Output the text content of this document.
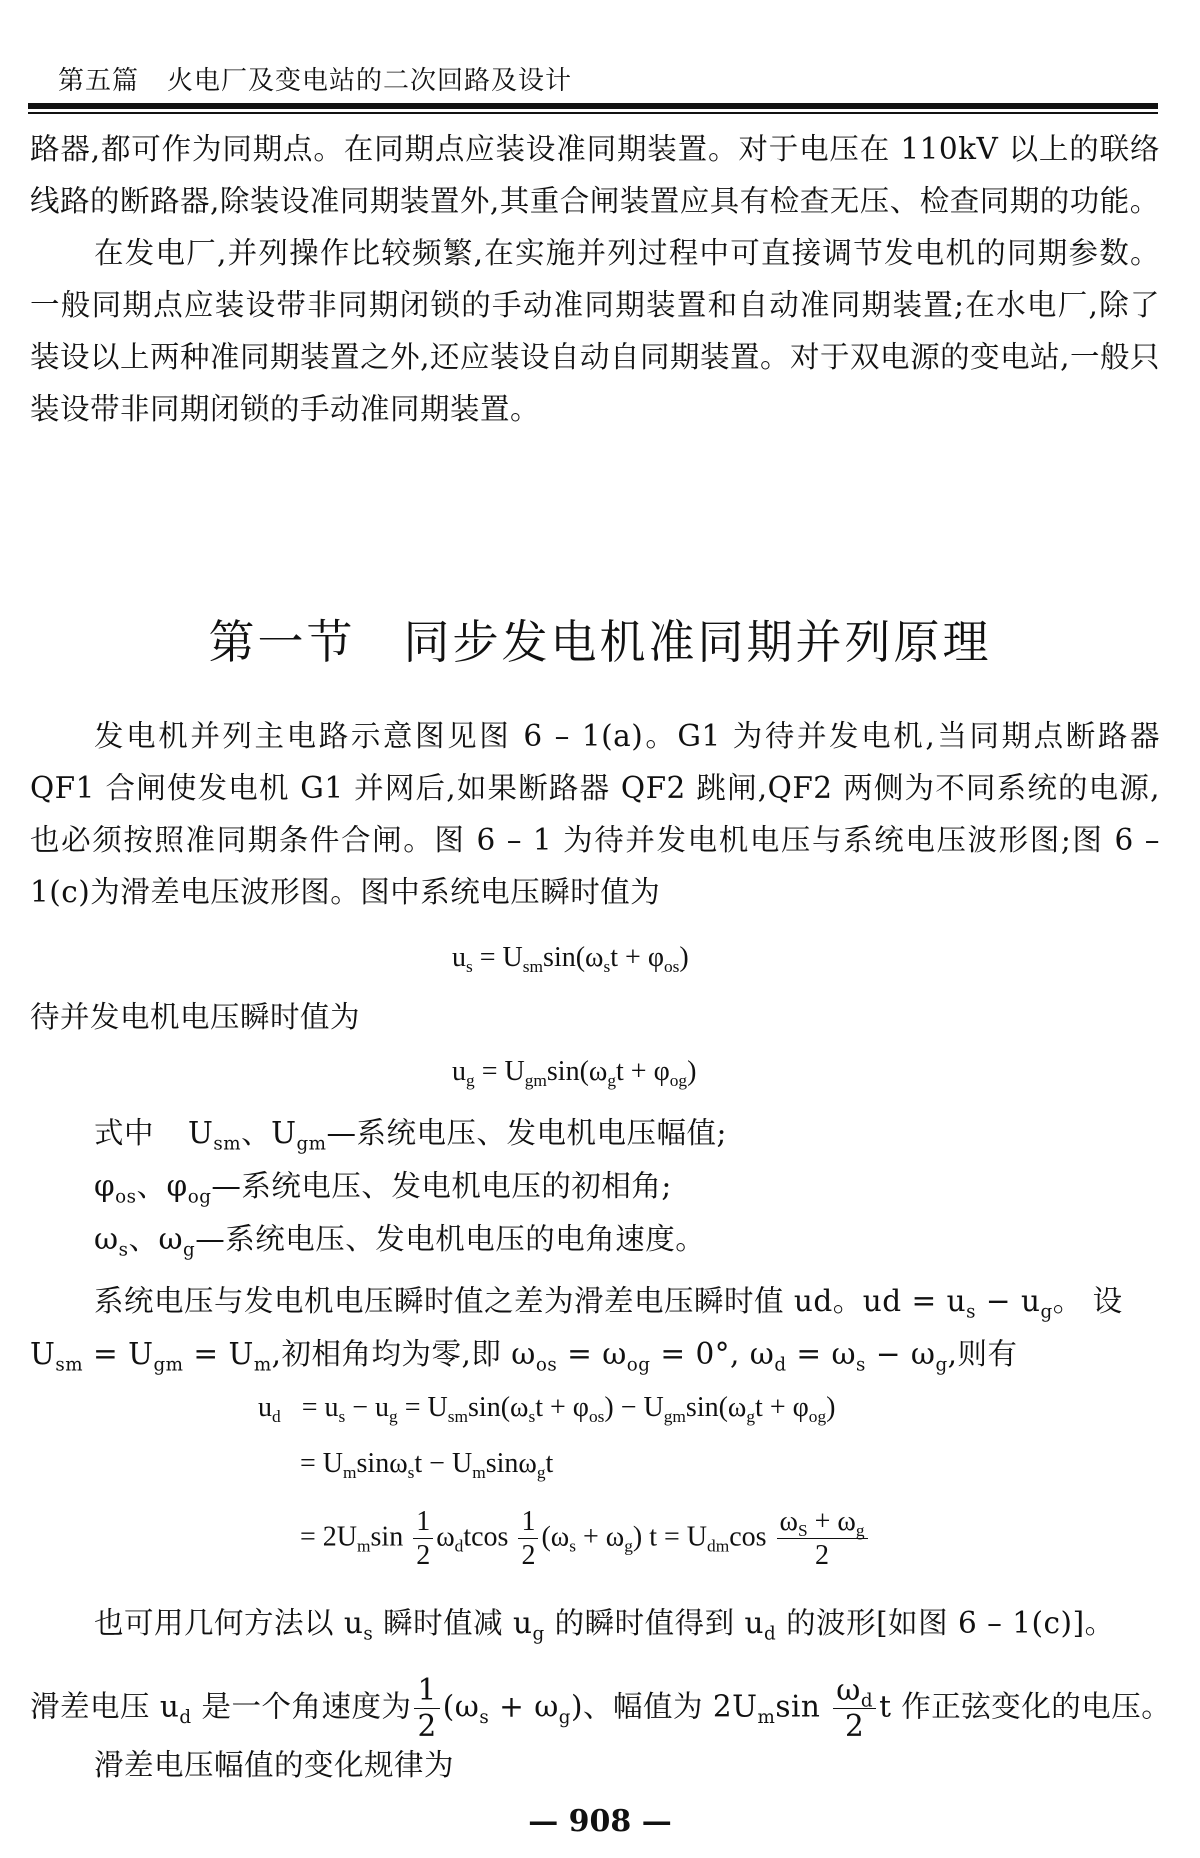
第五篇 火电厂及变电站的二次回路及设计

路器,都可作为同期点。在同期点应装设准同期装置。对于电压在 110kV 以上的联络线路的断路器,除装设准同期装置外,其重合闸装置应具有检查无压、检查同期的功能。

在发电厂,并列操作比较频繁,在实施并列过程中可直接调节发电机的同期参数。一般同期点应装设带非同期闭锁的手动准同期装置和自动准同期装置;在水电厂,除了装设以上两种准同期装置之外,还应装设自动自同期装置。对于双电源的变电站,一般只装设带非同期闭锁的手动准同期装置。

第一节 同步发电机准同期并列原理

发电机并列主电路示意图见图 6 – 1(a)。G1 为待并发电机,当同期点断路器 QF1 合闸使发电机 G1 并网后,如果断路器 QF2 跳闸,QF2 两侧为不同系统的电源,也必须按照准同期条件合闸。图 6 – 1 为待并发电机电压与系统电压波形图;图 6 – 1(c)为滑差电压波形图。图中系统电压瞬时值为

$u_s = U_{sm}\sin(\omega_st + \varphi_{os})$
待并发电机电压瞬时值为
$u_g = U_{gm}\sin(\omega_gt + \varphi_{og})$
式中 $U_{sm}$、$U_{gm}—$系统电压、发电机电压幅值;
$\varphi_{os}$、$\varphi_{og}—$系统电压、发电机电压的初相角;
$\omega_s$、$\omega_g—$系统电压、发电机电压的电角速度。
系统电压与发电机电压瞬时值之差为滑差电压瞬时值 ud。ud = $u_s - u_g$。 设
$U_{sm} = U_{gm} = U_m$,初相角均为零,即 $\omega_{os} = \omega_{og} = 0^\circ$, $\omega_d = \omega_s - \omega_g$,则有
$u_d = u_s - u_g = U_{sm}\sin(\omega_st + \varphi_{os}) - U_{gm}\sin(\omega_gt + \varphi_{og})$
= $U_m\sin\omega_st - U_m\sin\omega_gt$
= $2U_m\sin \frac{1}{2} \omega_dtcos \frac{1}{2} (\omega_s + \omega_g) t = U_{dm}\cos \frac{\omega_S + \omega_g}{2}$
也可用几何方法以 $u_s$ 瞬时值减 $u_g$ 的瞬时值得到 $u_d$ 的波形[如图 6 – 1(c)]。
滑差电压 $u_d$ 是一个角速度为 $\frac{1}{2} (\omega_s + \omega_g)$、幅值为 $2U_m\sin \frac{\omega_d}{2}$ t 作正弦变化的电压。
滑差电压幅值的变化规律为
— 908 —
